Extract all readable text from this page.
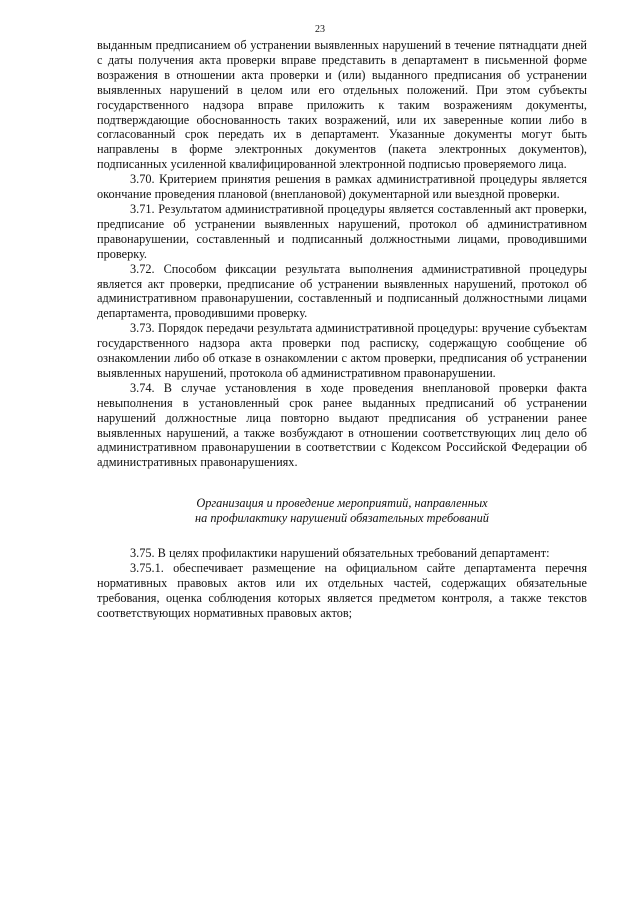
23

выданным предписанием об устранении выявленных нарушений в течение пятнадцати дней с даты получения акта проверки вправе представить в департамент в письменной форме возражения в отношении акта проверки и (или) выданного предписания об устранении выявленных нарушений в целом или его отдельных положений. При этом субъекты государственного надзора вправе приложить к таким возражениям документы, подтверждающие обоснованность таких возражений, или их заверенные копии либо в согласованный срок передать их в департамент. Указанные документы могут быть направлены в форме электронных документов (пакета электронных документов), подписанных усиленной квалифицированной электронной подписью проверяемого лица.

3.70. Критерием принятия решения в рамках административной процедуры является окончание проведения плановой (внеплановой) документарной или выездной проверки.

3.71. Результатом административной процедуры является составленный акт проверки, предписание об устранении выявленных нарушений, протокол об административном правонарушении, составленный и подписанный должностными лицами, проводившими проверку.

3.72. Способом фиксации результата выполнения административной процедуры является акт проверки, предписание об устранении выявленных нарушений, протокол об административном правонарушении, составленный и подписанный должностными лицами департамента, проводившими проверку.

3.73. Порядок передачи результата административной процедуры: вручение субъектам государственного надзора акта проверки под расписку, содержащую сообщение об ознакомлении либо об отказе в ознакомлении с актом проверки, предписания об устранении выявленных нарушений, протокола об административном правонарушении.

3.74. В случае установления в ходе проведения внеплановой проверки факта невыполнения в установленный срок ранее выданных предписаний об устранении нарушений должностные лица повторно выдают предписания об устранении ранее выявленных нарушений, а также возбуждают в отношении соответствующих лиц дело об административном правонарушении в соответствии с Кодексом Российской Федерации об административных правонарушениях.

Организация и проведение мероприятий, направленных
на профилактику нарушений обязательных требований

3.75. В целях профилактики нарушений обязательных требований департамент:

3.75.1. обеспечивает размещение на официальном сайте департамента перечня нормативных правовых актов или их отдельных частей, содержащих обязательные требования, оценка соблюдения которых является предметом контроля, а также текстов соответствующих нормативных правовых актов;
